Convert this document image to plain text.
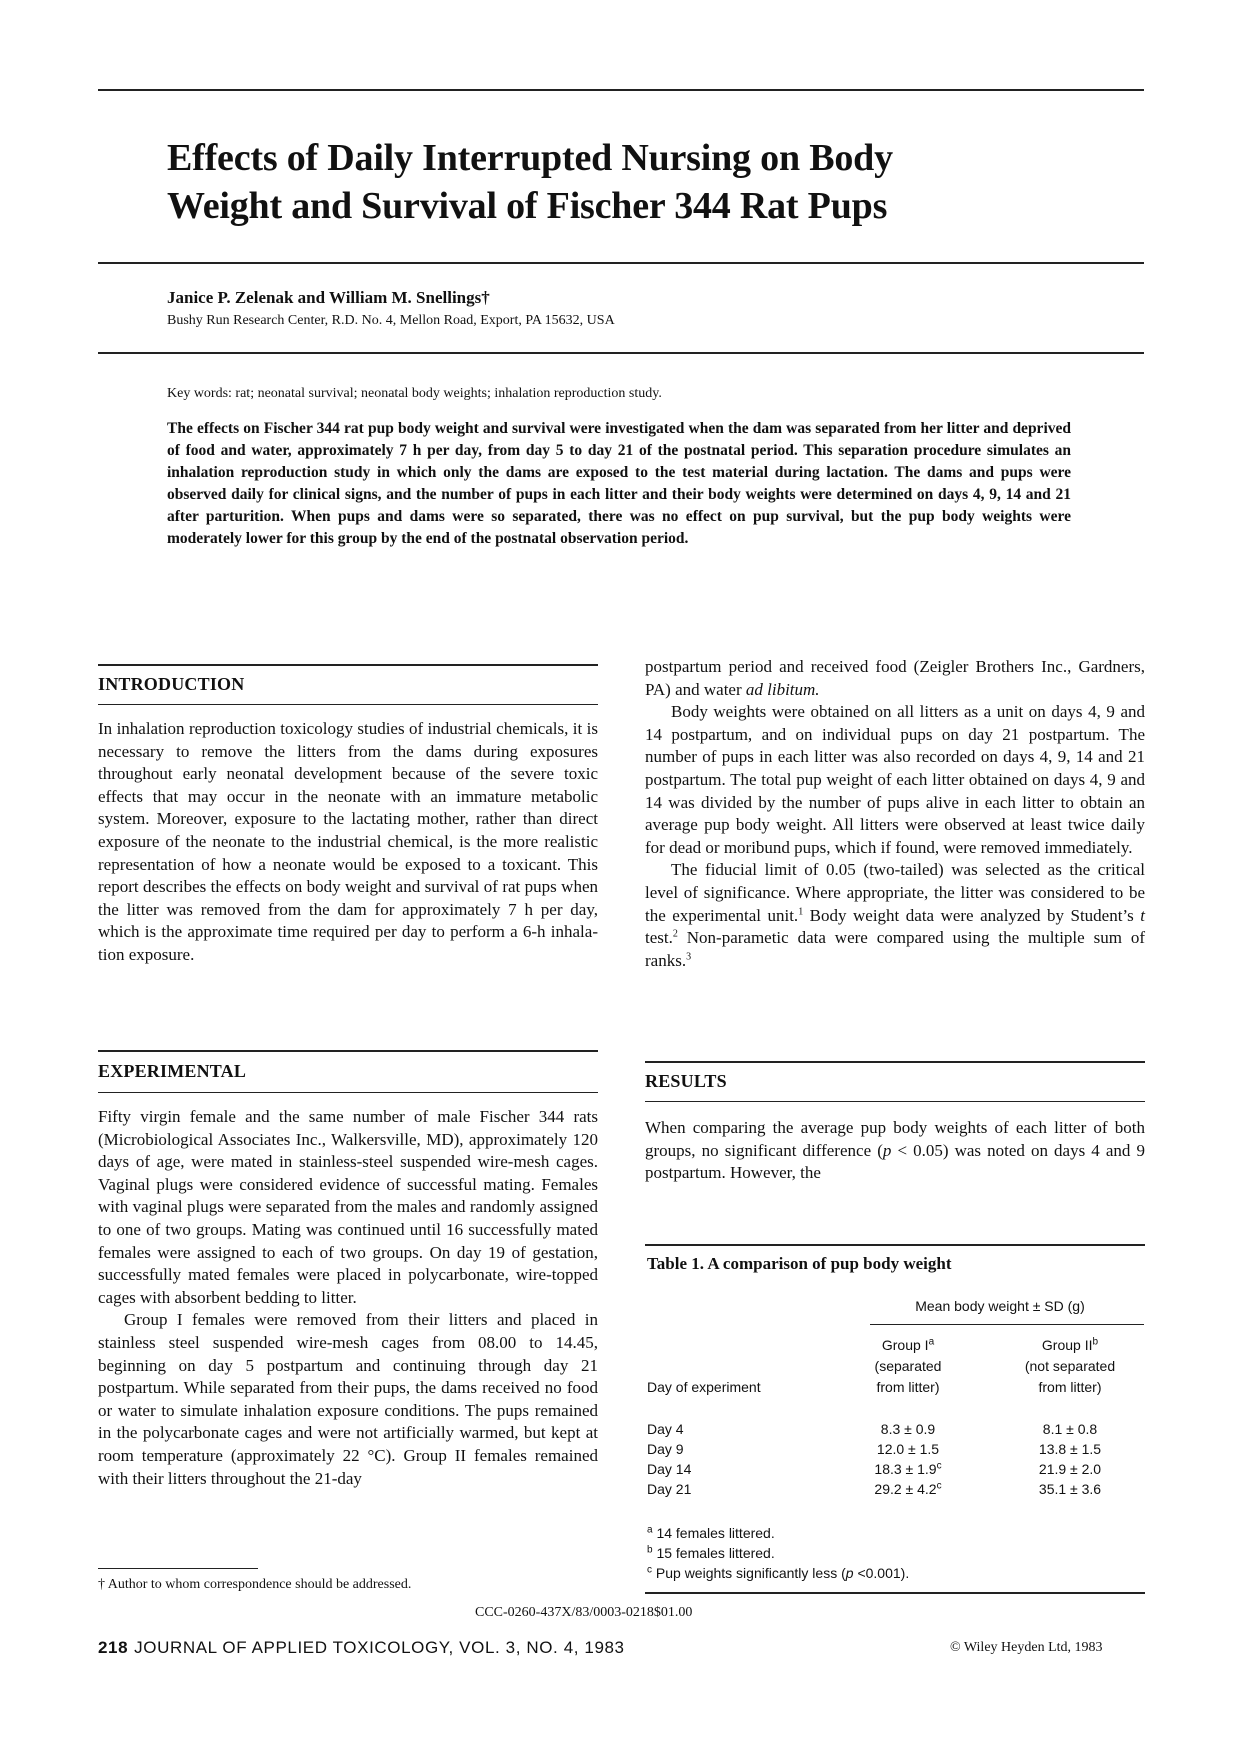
Effects of Daily Interrupted Nursing on Body
Weight and Survival of Fischer 344 Rat Pups
Janice P. Zelenak and William M. Snellings†
Bushy Run Research Center, R.D. No. 4, Mellon Road, Export, PA 15632, USA
Key words: rat; neonatal survival; neonatal body weights; inhalation reproduction study.

The effects on Fischer 344 rat pup body weight and survival were investigated when the dam was separated from her litter and deprived of food and water, approximately 7 h per day, from day 5 to day 21 of the postnatal period. This separation procedure simulates an inhalation reproduction study in which only the dams are exposed to the test material during lactation. The dams and pups were observed daily for clinical signs, and the number of pups in each litter and their body weights were determined on days 4, 9, 14 and 21 after parturition. When pups and dams were so separated, there was no effect on pup survival, but the pup body weights were moderately lower for this group by the end of the postnatal observation period.

INTRODUCTION

In inhalation reproduction toxicology studies of industrial chemicals, it is necessary to remove the litters from the dams during exposures throughout early neonatal development because of the severe toxic effects that may occur in the neonate with an immature metabolic system. Moreover, exposure to the lactating mother, rather than direct exposure of the neonate to the industrial chemical, is the more realistic representation of how a neonate would be exposed to a toxicant. This report describes the effects on body weight and survival of rat pups when the litter was removed from the dam for approximately 7 h per day, which is the approximate time required per day to perform a 6-h inhalation exposure.

EXPERIMENTAL

Fifty virgin female and the same number of male Fischer 344 rats (Microbiological Associates Inc., Walkersville, MD), approximately 120 days of age, were mated in stainless-steel suspended wire-mesh cages. Vaginal plugs were considered evidence of successful mating. Females with vaginal plugs were separated from the males and randomly assigned to one of two groups. Mating was continued until 16 successfully mated females were assigned to each of two groups. On day 19 of gestation, successfully mated females were placed in polycarbonate, wire-topped cages with absorbent bedding to litter.

Group I females were removed from their litters and placed in stainless steel suspended wire-mesh cages from 08.00 to 14.45, beginning on day 5 postpartum and continuing through day 21 postpartum. While separated from their pups, the dams received no food or water to simulate inhalation exposure conditions. The pups remained in the polycarbonate cages and were not artificially warmed, but kept at room temperature (approximately 22 °C). Group II females remained with their litters throughout the 21-day

† Author to whom correspondence should be addressed.

postpartum period and received food (Zeigler Brothers Inc., Gardners, PA) and water ad libitum.

Body weights were obtained on all litters as a unit on days 4, 9 and 14 postpartum, and on individual pups on day 21 postpartum. The number of pups in each litter was also recorded on days 4, 9, 14 and 21 postpartum. The total pup weight of each litter obtained on days 4, 9 and 14 was divided by the number of pups alive in each litter to obtain an average pup body weight. All litters were observed at least twice daily for dead or moribund pups, which if found, were removed immediately.

The fiducial limit of 0.05 (two-tailed) was selected as the critical level of significance. Where appropriate, the litter was considered to be the experimental unit.$^1$ Body weight data were analyzed by Student’s t test.$^2$ Non-parametic data were compared using the multiple sum of ranks.$^3$

RESULTS

When comparing the average pup body weights of each litter of both groups, no significant difference (p < 0.05) was noted on days 4 and 9 postpartum. However, the

Table 1. A comparison of pup body weight
Mean body weight ± SD (g)
Group $I^a$
(separated
from litter)
Group $II^b$
(not separated
from litter)
Day of experiment
Day 4	8.3 ± 0.9	8.1 ± 0.8
Day 9	12.0 ± 1.5	13.8 ± 1.5
Day 14	18.3 ± 1.9$^c$	21.9 ± 2.0
Day 21	29.2 ± 4.2$^c$	35.1 ± 3.6
$^a$ 14 females littered.
$^b$ 15 females littered.
$^c$ Pup weights significantly less (p <0.001).
CCC-0260-437X/83/0003-0218$01.00
218 JOURNAL OF APPLIED TOXICOLOGY, VOL. 3, NO. 4, 1983	© Wiley Heyden Ltd, 1983
